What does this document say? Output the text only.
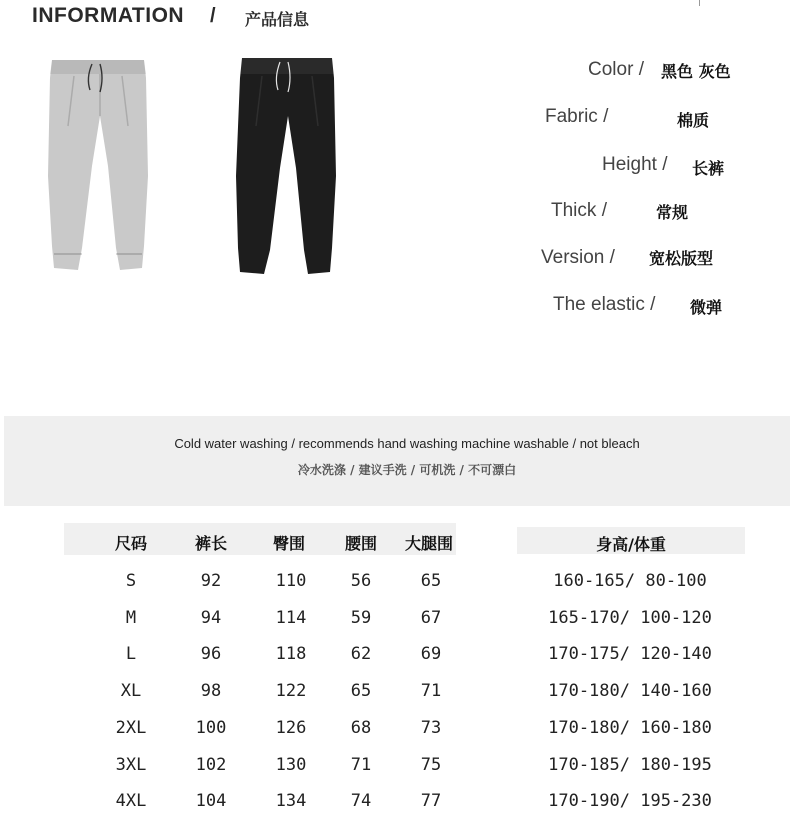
INFORMATION / 产品信息
Color / 黑色 灰色
Fabric /	棉质
Height / 长裤
Thick /	常规
Version / 宽松版型
The elastic / 微弹
Cold water washing / recommends hand washing machine washable / not bleach
冷水洗涤 / 建议手洗 / 可机洗 / 不可漂白
尺码	裤长	臀围	腰围	大腿围	身高/体重
S	92	110	56	65	160-165/ 80-100
M	94	114	59	67	165-170/ 100-120
L	96	118	62	69	170-175/ 120-140
XL	98	122	65	71	170-180/ 140-160
2XL	100	126	68	73	170-180/ 160-180
3XL	102	130	71	75	170-185/ 180-195
4XL	104	134	74	77	170-190/ 195-230
